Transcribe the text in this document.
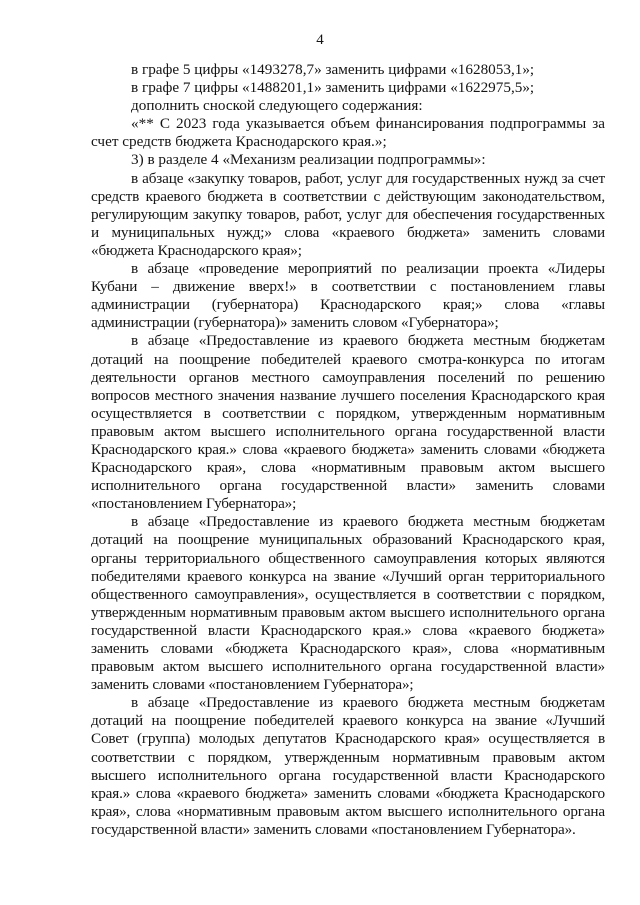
4

в графе 5 цифры «1493278,7» заменить цифрами «1628053,1»;

в графе 7 цифры «1488201,1» заменить цифрами «1622975,5»;

дополнить сноской следующего содержания:

«** С 2023 года указывается объем финансирования подпрограммы за счет средств бюджета Краснодарского края.»;

3) в разделе 4 «Механизм реализации подпрограммы»:

в абзаце «закупку товаров, работ, услуг для государственных нужд за счет средств краевого бюджета в соответствии с действующим законодательством, регулирующим закупку товаров, работ, услуг для обеспечения государственных и муниципальных нужд;» слова «краевого бюджета» заменить словами «бюджета Краснодарского края»;

в абзаце «проведение мероприятий по реализации проекта «Лидеры Кубани – движение вверх!» в соответствии с постановлением главы администрации (губернатора) Краснодарского края;» слова «главы администрации (губернатора)» заменить словом «Губернатора»;

в абзаце «Предоставление из краевого бюджета местным бюджетам дотаций на поощрение победителей краевого смотра-конкурса по итогам деятельности органов местного самоуправления поселений по решению вопросов местного значения название лучшего поселения Краснодарского края осуществляется в соответствии с порядком, утвержденным нормативным правовым актом высшего исполнительного органа государственной власти Краснодарского края.» слова «краевого бюджета» заменить словами «бюджета Краснодарского края», слова «нормативным правовым актом высшего исполнительного органа государственной власти» заменить словами «постановлением Губернатора»;

в абзаце «Предоставление из краевого бюджета местным бюджетам дотаций на поощрение муниципальных образований Краснодарского края, органы территориального общественного самоуправления которых являются победителями краевого конкурса на звание «Лучший орган территориального общественного самоуправления», осуществляется в соответствии с порядком, утвержденным нормативным правовым актом высшего исполнительного органа государственной власти Краснодарского края.» слова «краевого бюджета» заменить словами «бюджета Краснодарского края», слова «нормативным правовым актом высшего исполнительного органа государственной власти» заменить словами «постановлением Губернатора»;

в абзаце «Предоставление из краевого бюджета местным бюджетам дотаций на поощрение победителей краевого конкурса на звание «Лучший Совет (группа) молодых депутатов Краснодарского края» осуществляется в соответствии с порядком, утвержденным нормативным правовым актом высшего исполнительного органа государственной власти Краснодарского края.» слова «краевого бюджета» заменить словами «бюджета Краснодарского края», слова «нормативным правовым актом высшего исполнительного органа государственной власти» заменить словами «постановлением Губернатора».
